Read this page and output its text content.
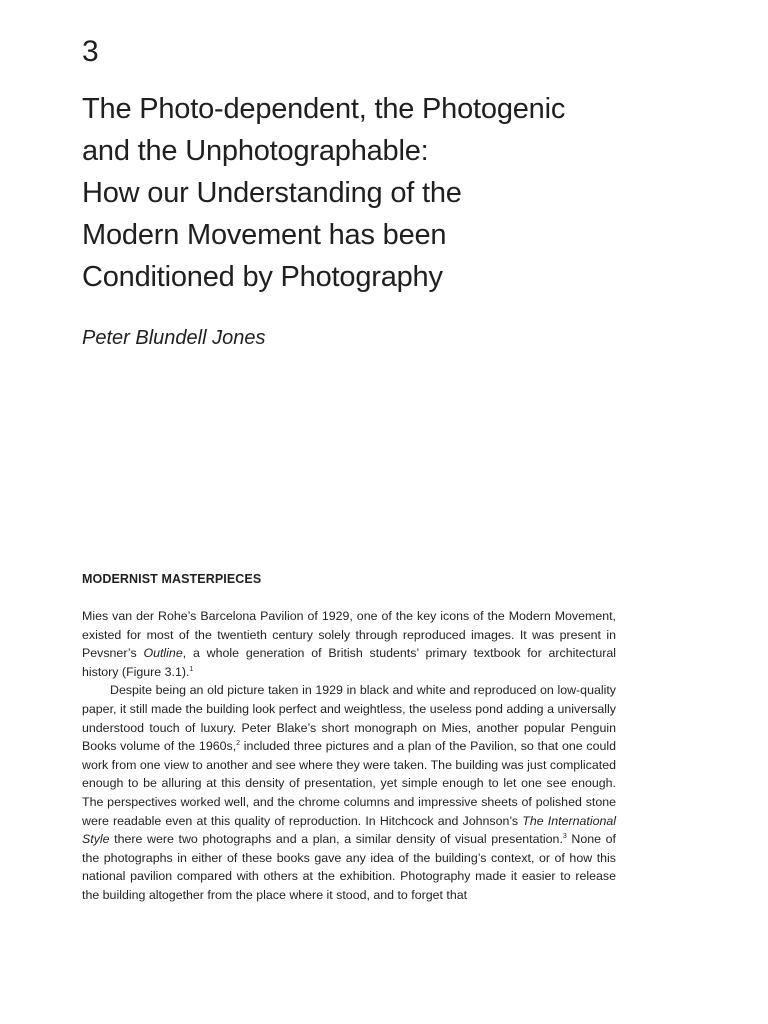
3
The Photo-dependent, the Photogenic
and the Unphotographable:
How our Understanding of the
Modern Movement has been
Conditioned by Photography

Peter Blundell Jones

MODERNIST MASTERPIECES

Mies van der Rohe’s Barcelona Pavilion of 1929, one of the key icons of the Modern Movement, existed for most of the twentieth century solely through reproduced images. It was present in Pevsner’s Outline, a whole generation of British students’ primary textbook for architectural history (Figure 3.1).$^1$

Despite being an old picture taken in 1929 in black and white and reproduced on low-quality paper, it still made the building look perfect and weightless, the useless pond adding a universally understood touch of luxury. Peter Blake’s short monograph on Mies, another popular Penguin Books volume of the 1960s,$^2$ included three pictures and a plan of the Pavilion, so that one could work from one view to another and see where they were taken. The building was just complicated enough to be alluring at this density of presentation, yet simple enough to let one see enough. The perspectives worked well, and the chrome columns and impressive sheets of polished stone were readable even at this quality of reproduction. In Hitchcock and Johnson’s The International Style there were two photographs and a plan, a similar density of visual presentation.$^3$ None of the photographs in either of these books gave any idea of the building’s context, or of how this national pavilion compared with others at the exhibition. Photography made it easier to release the building altogether from the place where it stood, and to forget that
